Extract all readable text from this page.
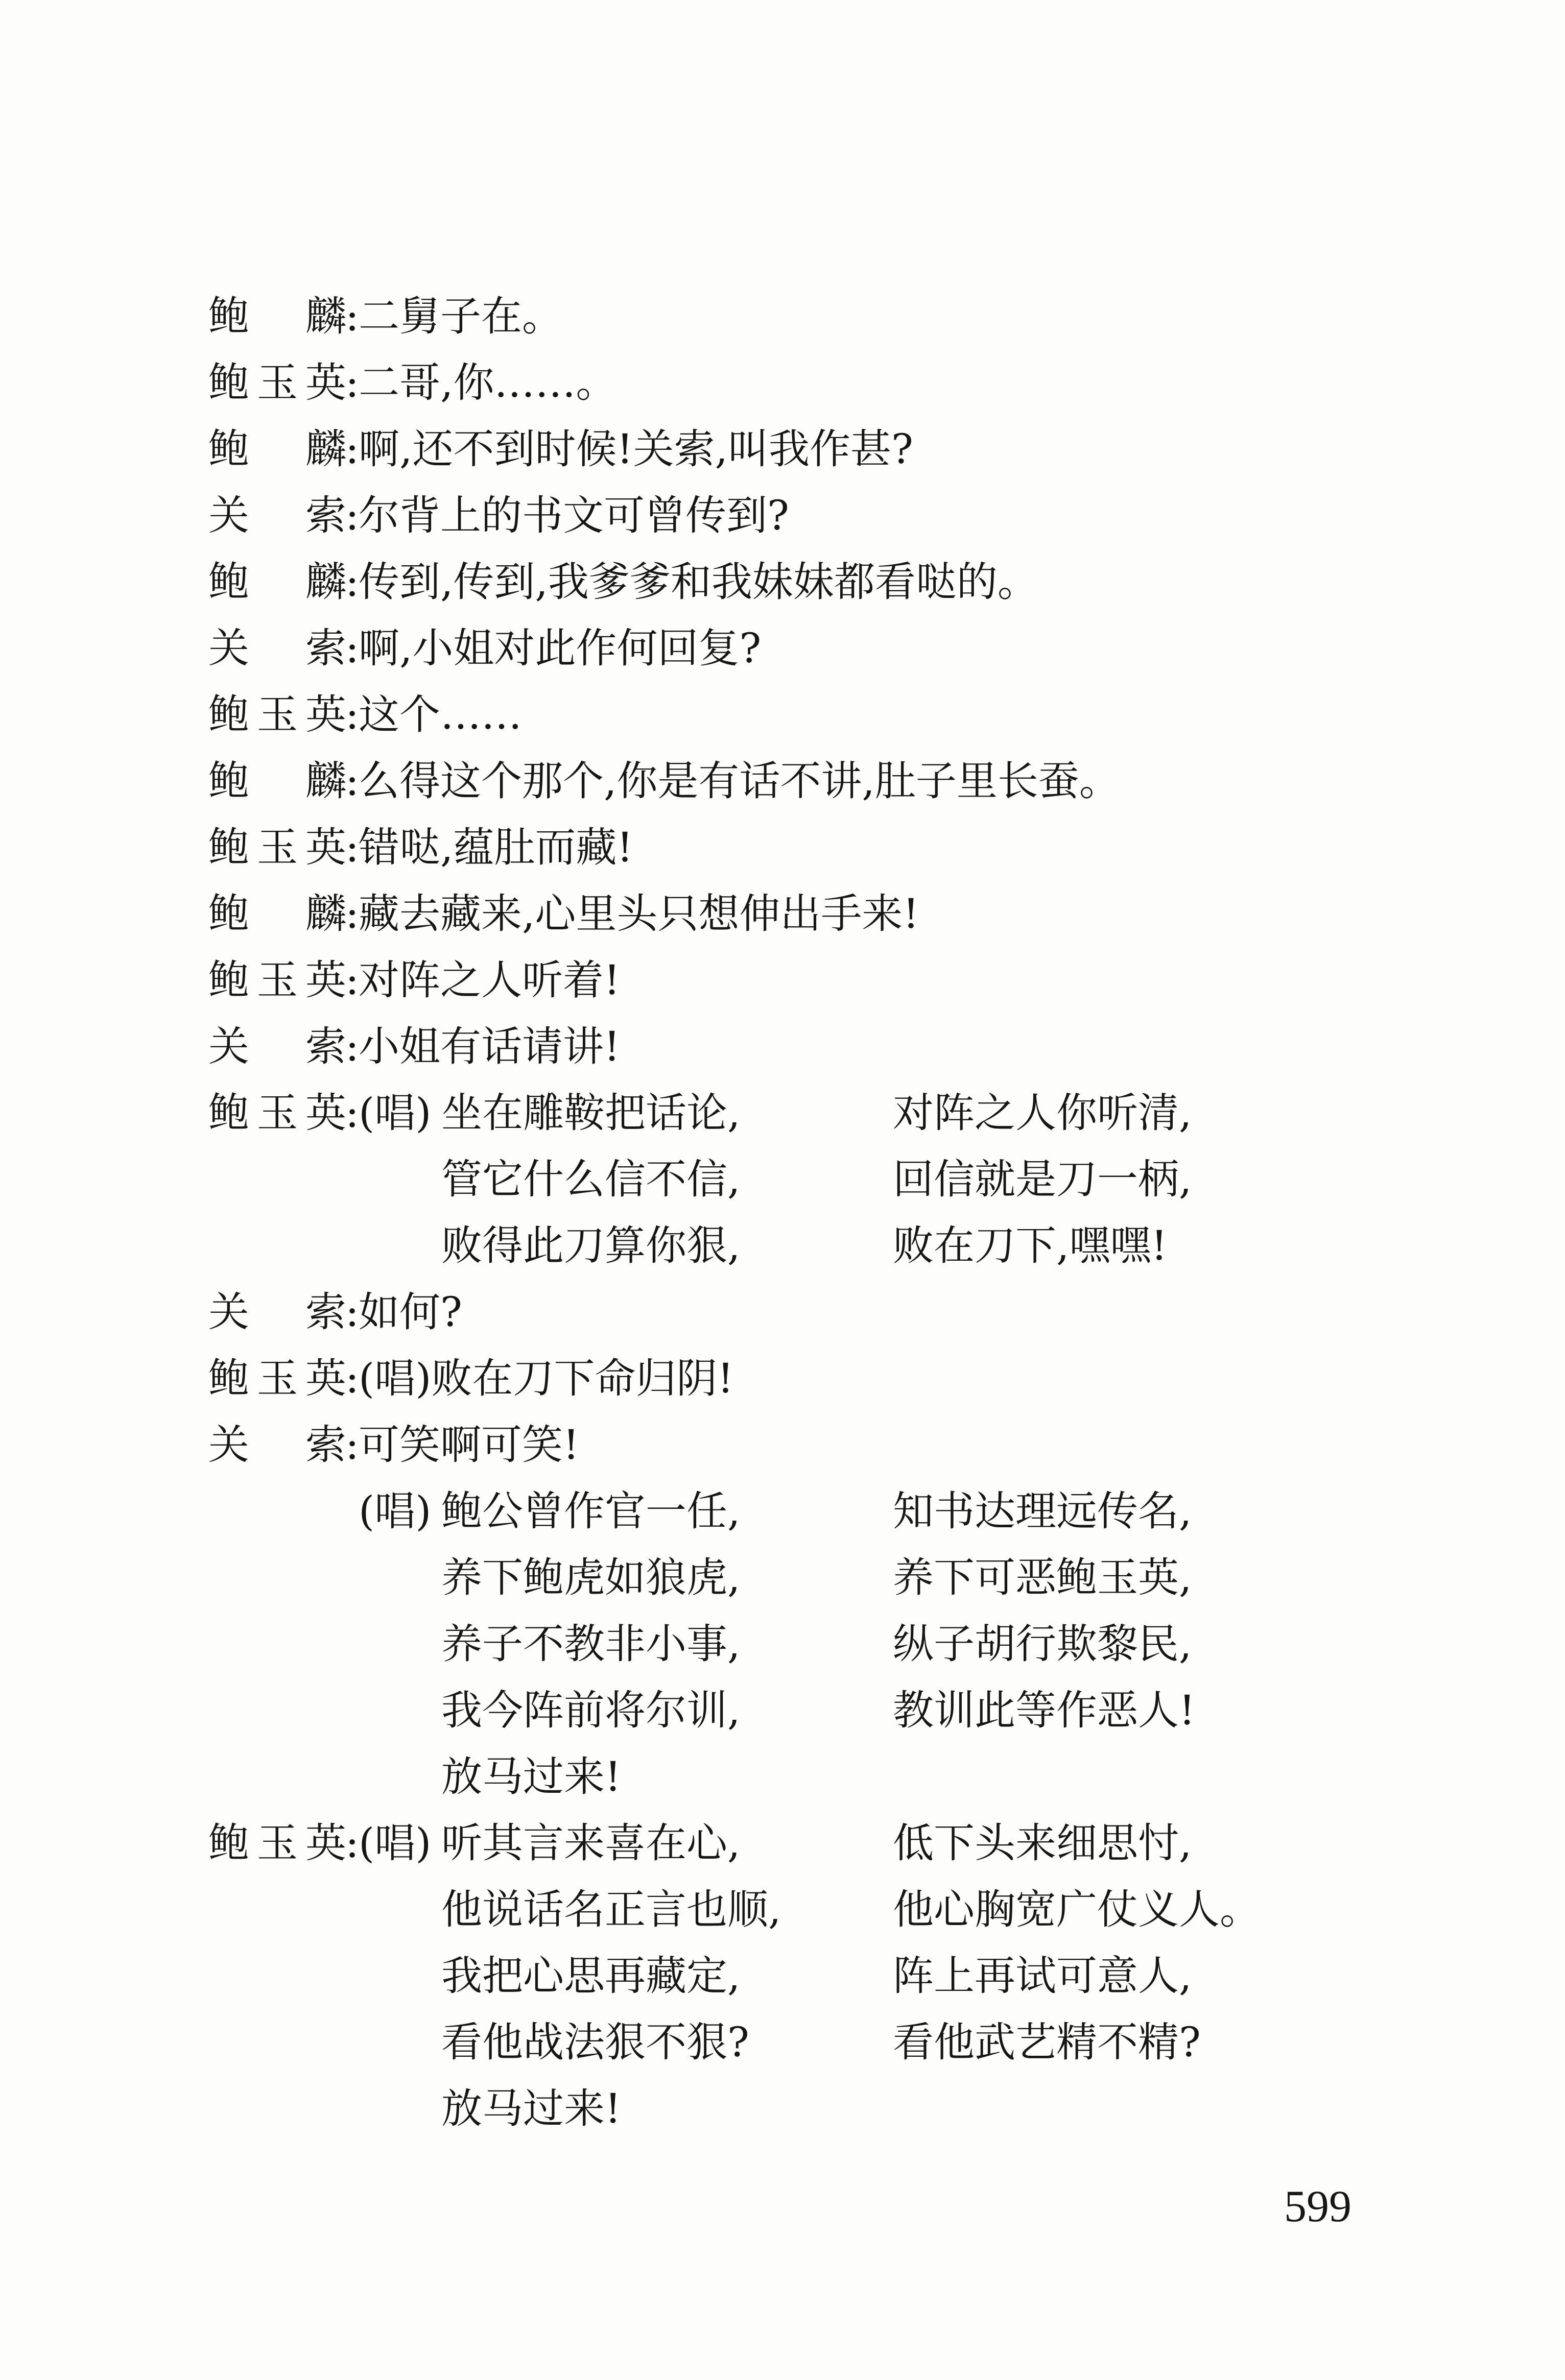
鲍 麟
: 二舅子在。
鲍玉英
: 二哥,你……。
鲍 麟
: 啊,还不到时候!关索,叫我作甚?
关 索
: 尔背上的书文可曾传到?
鲍 麟
: 传到,传到,我爹爹和我妹妹都看哒的。
关 索
: 啊,小姐对此作何回复?
鲍玉英
: 这个……
鲍 麟
: 么得这个那个,你是有话不讲,肚子里长蚕。
鲍玉英
: 错哒,蕴肚而藏!
鲍 麟
: 藏去藏来,心里头只想伸出手来!
鲍玉英
: 对阵之人听着!
关 索
: 小姐有话请讲!
鲍玉英
: (唱) 坐在雕鞍把话论,	对阵之人你听清,
管它什么信不信,	回信就是刀一柄,
败得此刀算你狠,	败在刀下,嘿嘿!
关 索
: 如何?
鲍玉英
: (唱)败在刀下命归阴!
关 索
: 可笑啊可笑!
(唱) 鲍公曾作官一任,	知书达理远传名,
养下鲍虎如狼虎,	养下可恶鲍玉英,
养子不教非小事,	纵子胡行欺黎民,
我今阵前将尔训,	教训此等作恶人!
放马过来!
鲍玉英
: (唱) 听其言来喜在心,	低下头来细思忖,
他说话名正言也顺,	他心胸宽广仗义人。
我把心思再藏定,	阵上再试可意人,
看他战法狠不狠?	看他武艺精不精?
放马过来!
599
